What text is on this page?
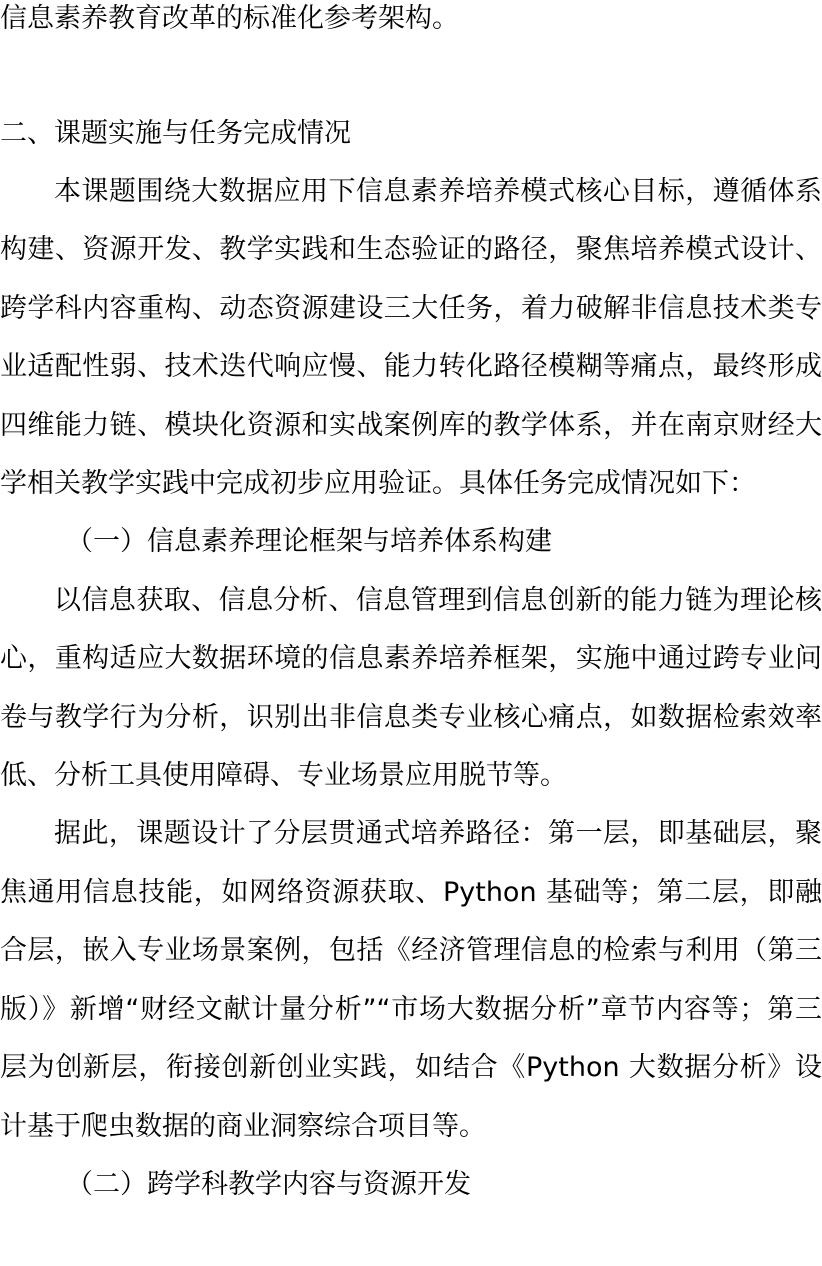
信息素养教育改革的标准化参考架构。
二、课题实施与任务完成情况

本课题围绕大数据应用下信息素养培养模式核心目标，遵循体系构建、资源开发、教学实践和生态验证的路径，聚焦培养模式设计、跨学科内容重构、动态资源建设三大任务，着力破解非信息技术类专业适配性弱、技术迭代响应慢、能力转化路径模糊等痛点，最终形成四维能力链、模块化资源和实战案例库的教学体系，并在南京财经大学相关教学实践中完成初步应用验证。具体任务完成情况如下：

（一）信息素养理论框架与培养体系构建

以信息获取、信息分析、信息管理到信息创新的能力链为理论核心，重构适应大数据环境的信息素养培养框架，实施中通过跨专业问卷与教学行为分析，识别出非信息类专业核心痛点，如数据检索效率低、分析工具使用障碍、专业场景应用脱节等。

据此，课题设计了分层贯通式培养路径：第一层，即基础层，聚焦通用信息技能，如网络资源获取、Python 基础等；第二层，即融合层，嵌入专业场景案例，包括《经济管理信息的检索与利用（第三版）》新增“财经文献计量分析”“市场大数据分析”章节内容等；第三层为创新层，衔接创新创业实践，如结合《Python 大数据分析》设计基于爬虫数据的商业洞察综合项目等。

（二）跨学科教学内容与资源开发
